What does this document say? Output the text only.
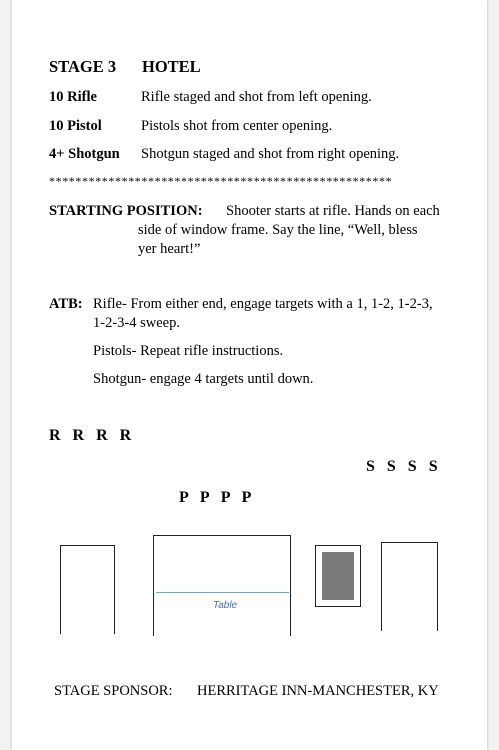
STAGE 3 HOTEL
10 Rifle	Rifle staged and shot from left opening.
10 Pistol	Pistols shot from center opening.
4+ Shotgun Shotgun staged and shot from right opening.
****************************************************
STARTING POSITION: Shooter starts at rifle. Hands on each
side of window frame. Say the line, “Well, bless
yer heart!”
ATB: Rifle- From either end, engage targets with a 1, 1-2, 1-2-3,
1-2-3-4 sweep.
Pistols- Repeat rifle instructions.
Shotgun- engage 4 targets until down.
R R R R
S S S S
P P P P
Table
STAGE SPONSOR: HERRITAGE INN-MANCHESTER, KY
